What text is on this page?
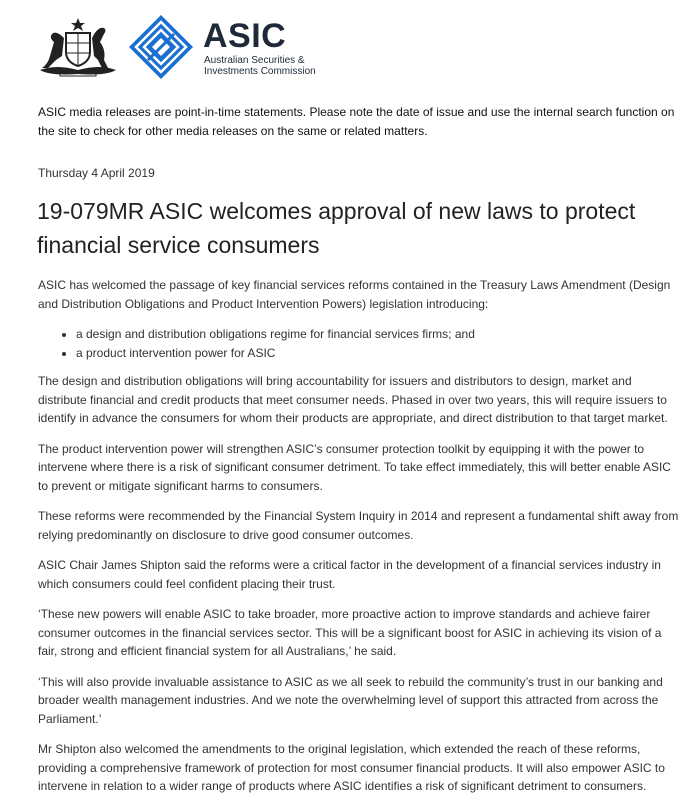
ASIC
Australian Securities &
Investments Commission
ASIC media releases are point-in-time statements. Please note the date of issue and use the internal search function on the site to check for other media releases on the same or related matters.
Thursday 4 April 2019
19-079MR ASIC welcomes approval of new laws to protect financial service consumers

ASIC has welcomed the passage of key financial services reforms contained in the Treasury Laws Amendment (Design and Distribution Obligations and Product Intervention Powers) legislation introducing:

• a design and distribution obligations regime for financial services firms; and
• a product intervention power for ASIC

The design and distribution obligations will bring accountability for issuers and distributors to design, market and distribute financial and credit products that meet consumer needs. Phased in over two years, this will require issuers to identify in advance the consumers for whom their products are appropriate, and direct distribution to that target market.

The product intervention power will strengthen ASIC’s consumer protection toolkit by equipping it with the power to intervene where there is a risk of significant consumer detriment. To take effect immediately, this will better enable ASIC to prevent or mitigate significant harms to consumers.

These reforms were recommended by the Financial System Inquiry in 2014 and represent a fundamental shift away from relying predominantly on disclosure to drive good consumer outcomes.

ASIC Chair James Shipton said the reforms were a critical factor in the development of a financial services industry in which consumers could feel confident placing their trust.

‘These new powers will enable ASIC to take broader, more proactive action to improve standards and achieve fairer consumer outcomes in the financial services sector. This will be a significant boost for ASIC in achieving its vision of a fair, strong and efficient financial system for all Australians,’ he said.

‘This will also provide invaluable assistance to ASIC as we all seek to rebuild the community’s trust in our banking and broader wealth management industries. And we note the overwhelming level of support this attracted from across the Parliament.’

Mr Shipton also welcomed the amendments to the original legislation, which extended the reach of these reforms, providing a comprehensive framework of protection for most consumer financial products. It will also empower ASIC to intervene in relation to a wider range of products where ASIC identifies a risk of significant detriment to consumers.
